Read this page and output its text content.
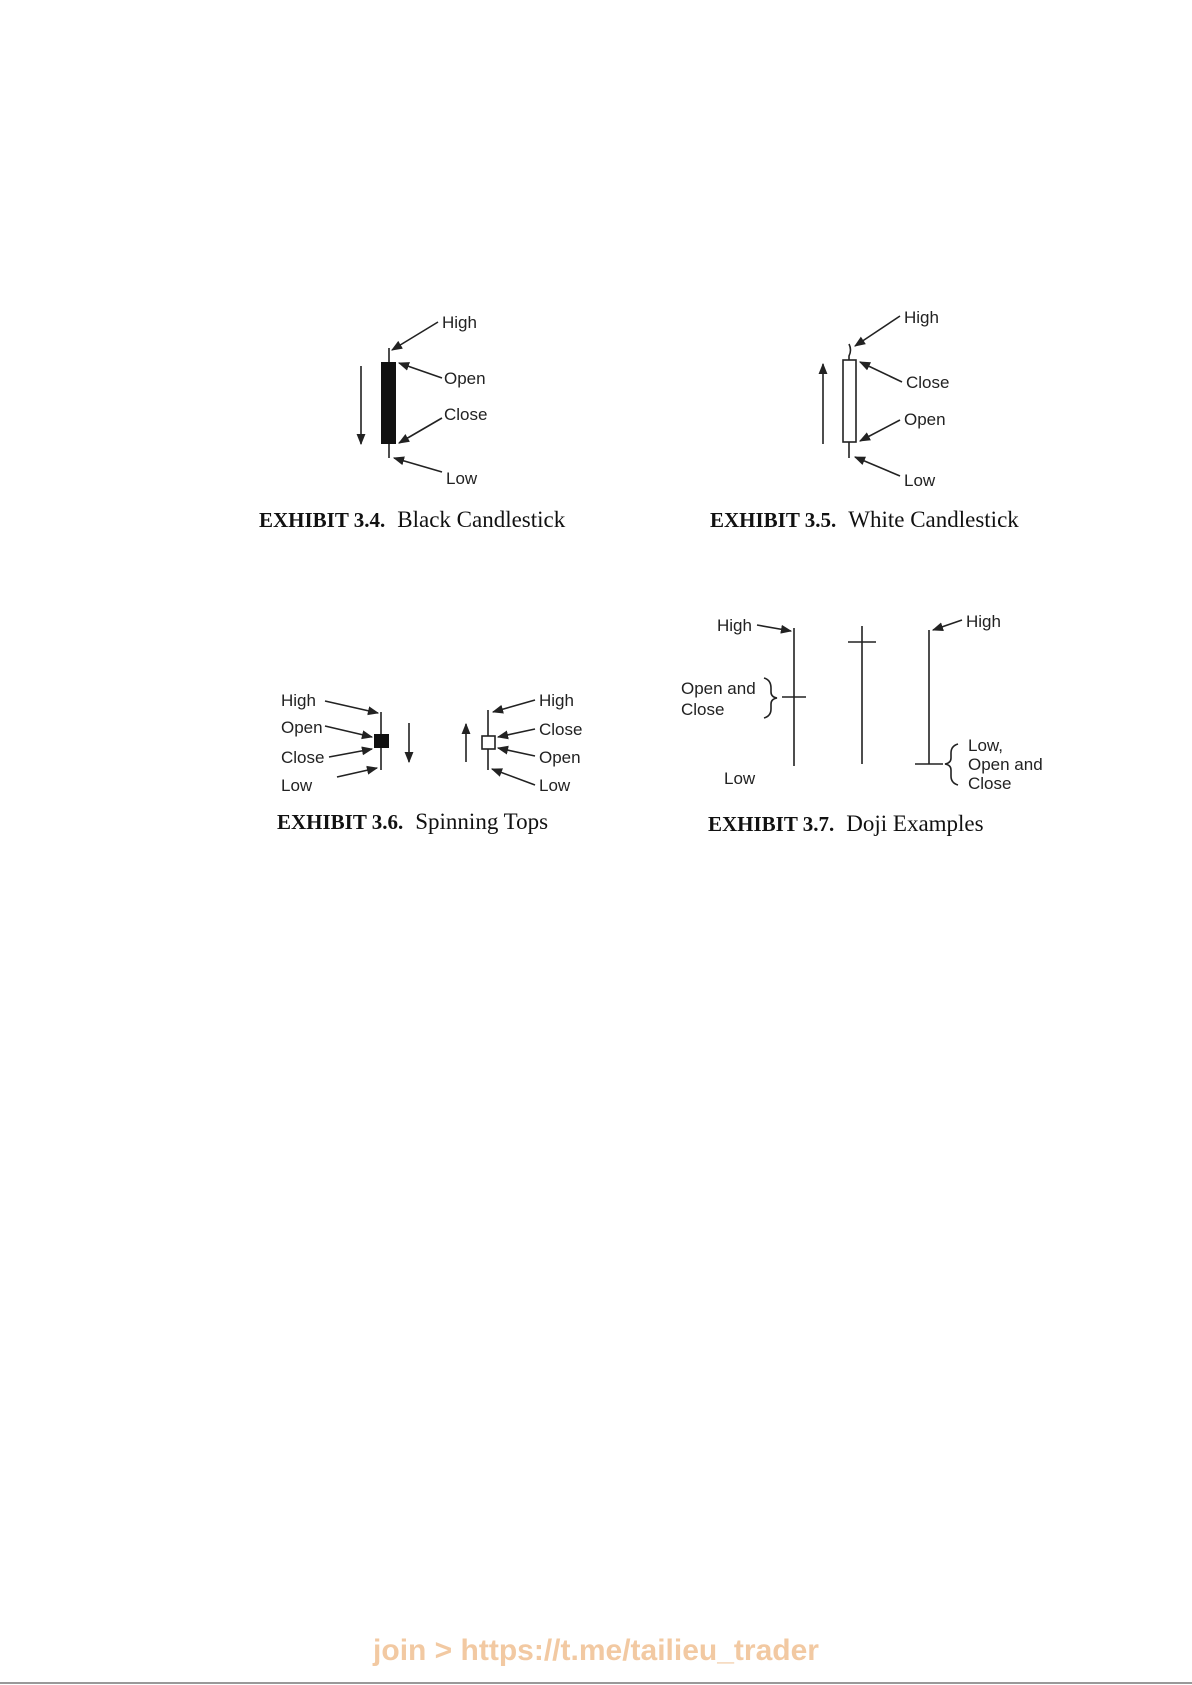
High
Open
Close
Low
EXHIBIT 3.4. Black Candlestick
High
Close
Open
Low
EXHIBIT 3.5. White Candlestick
High
Open
Close
Low
High
Close
Open
Low
EXHIBIT 3.6. Spinning Tops
High
Open and
Close
Low
High
Low,
Open and
Close
EXHIBIT 3.7. Doji Examples
join > https://t.me/tailieu_trader
